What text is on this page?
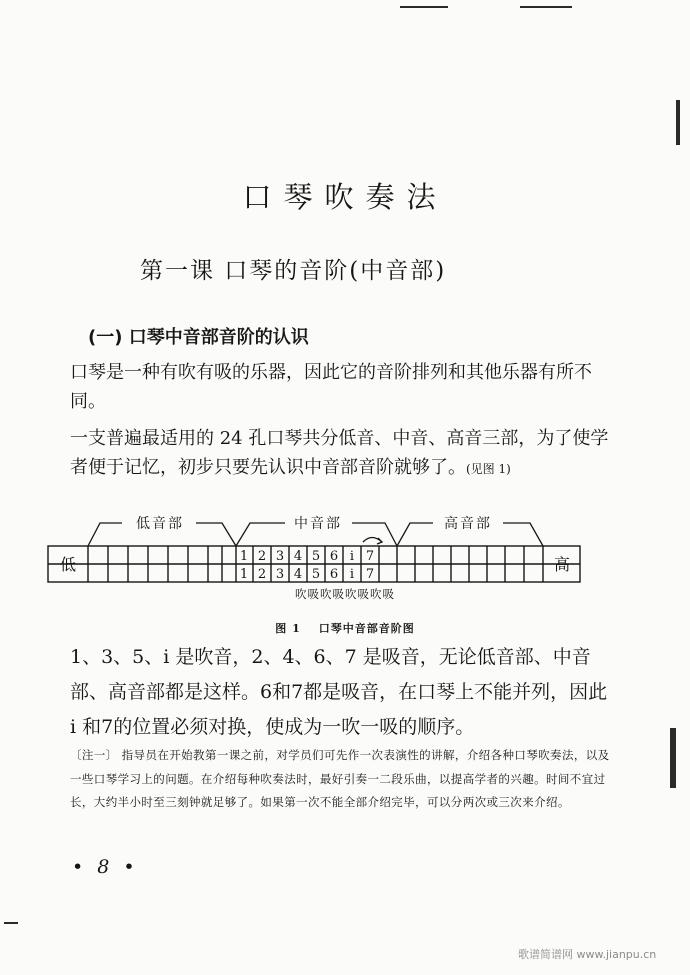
口琴吹奏法
第一课 口琴的音阶(中音部)
(一) 口琴中音部音阶的认识
口琴是一种有吹有吸的乐器，因此它的音阶排列和其他乐器有所不同。
一支普遍最适用的 24 孔口琴共分低音、中音、高音三部，为了使学者便于记忆，初步只要先认识中音部音阶就够了。(见图 1)
低音部	中音部	高音部
低	高
1 2 3 4 5 6 i 7
1 2 3 4 5 6 i 7
吹吸吹吸吹吸吹吸
图 1 口琴中音部音阶图
1、3、5、i 是吹音，2、4、6、7 是吸音，无论低音部、中音部、高音部都是这样。6和7都是吸音，在口琴上不能并列，因此 i 和7的位置必须对换，使成为一吹一吸的顺序。
〔注一〕 指导员在开始教第一课之前，对学员们可先作一次表演性的讲解，介绍各种口琴吹奏法，以及一些口琴学习上的问题。在介绍每种吹奏法时，最好引奏一二段乐曲，以提高学者的兴趣。时间不宜过长，大约半小时至三刻钟就足够了。如果第一次不能全部介绍完毕，可以分两次或三次来介绍。
• 8 •
歌谱简谱网 www.jianpu.cn
